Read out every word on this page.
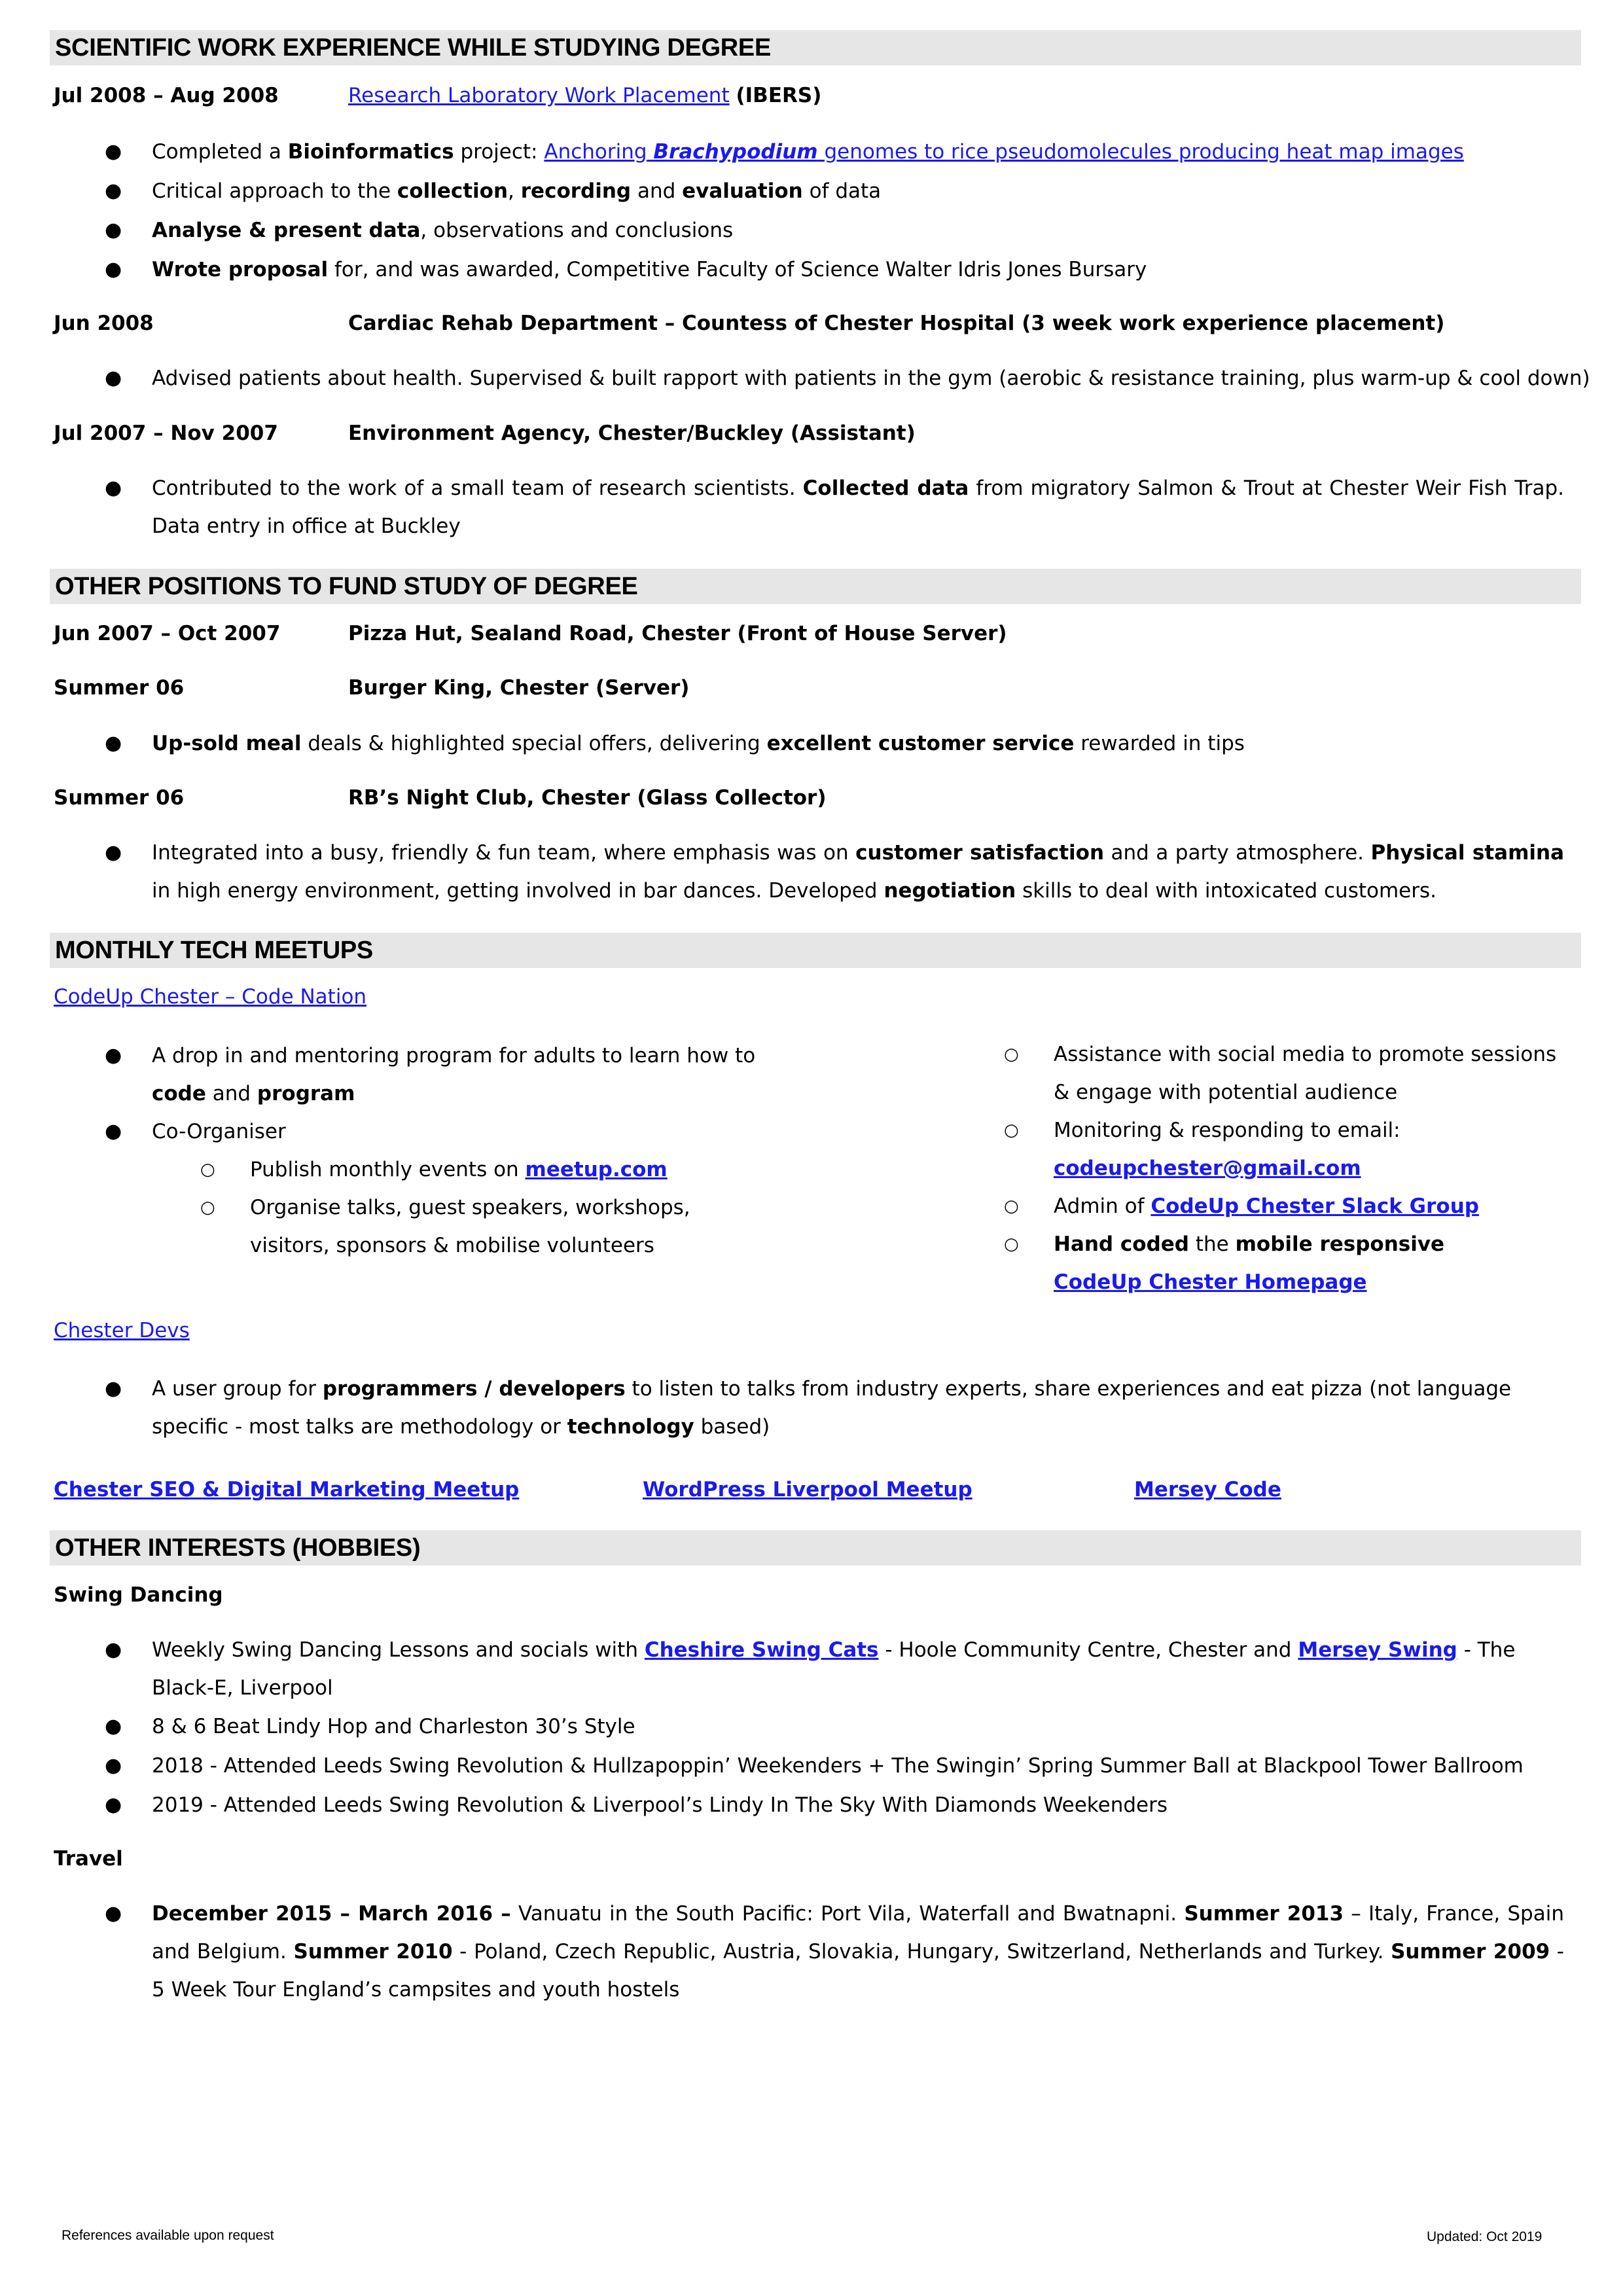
SCIENTIFIC WORK EXPERIENCE WHILE STUDYING DEGREE
Jul 2008 – Aug 2008	Research Laboratory Work Placement (IBERS)
● Completed a Bioinformatics project: Anchoring Brachypodium genomes to rice pseudomolecules producing heat map images
● Critical approach to the collection, recording and evaluation of data
● Analyse & present data, observations and conclusions
● Wrote proposal for, and was awarded, Competitive Faculty of Science Walter Idris Jones Bursary
Jun 2008	Cardiac Rehab Department – Countess of Chester Hospital (3 week work experience placement)
● Advised patients about health. Supervised & built rapport with patients in the gym (aerobic & resistance training, plus warm-up & cool down)
Jul 2007 – Nov 2007	Environment Agency, Chester/Buckley (Assistant)
● Contributed to the work of a small team of research scientists. Collected data from migratory Salmon & Trout at Chester Weir Fish Trap. Data entry in office at Buckley
OTHER POSITIONS TO FUND STUDY OF DEGREE
Jun 2007 – Oct 2007	Pizza Hut, Sealand Road, Chester (Front of House Server)
Summer 06	Burger King, Chester (Server)
● Up-sold meal deals & highlighted special offers, delivering excellent customer service rewarded in tips
Summer 06	RB’s Night Club, Chester (Glass Collector)
● Integrated into a busy, friendly & fun team, where emphasis was on customer satisfaction and a party atmosphere. Physical stamina in high energy environment, getting involved in bar dances. Developed negotiation skills to deal with intoxicated customers.
MONTHLY TECH MEETUPS
CodeUp Chester – Code Nation
● A drop in and mentoring program for adults to learn how to code and program
● Co-Organiser
○ Publish monthly events on meetup.com
○ Organise talks, guest speakers, workshops, visitors, sponsors & mobilise volunteers
○ Assistance with social media to promote sessions & engage with potential audience
○ Monitoring & responding to email:
codeupchester@gmail.com
○ Admin of CodeUp Chester Slack Group
○ Hand coded the mobile responsive CodeUp Chester Homepage
Chester Devs
● A user group for programmers / developers to listen to talks from industry experts, share experiences and eat pizza (not language specific - most talks are methodology or technology based)
Chester SEO & Digital Marketing Meetup	WordPress Liverpool Meetup	Mersey Code
OTHER INTERESTS (HOBBIES)
Swing Dancing
● Weekly Swing Dancing Lessons and socials with Cheshire Swing Cats - Hoole Community Centre, Chester and Mersey Swing - The Black-E, Liverpool
● 8 & 6 Beat Lindy Hop and Charleston 30’s Style
● 2018 - Attended Leeds Swing Revolution & Hullzapoppin’ Weekenders + The Swingin’ Spring Summer Ball at Blackpool Tower Ballroom
● 2019 - Attended Leeds Swing Revolution & Liverpool’s Lindy In The Sky With Diamonds Weekenders
Travel
● December 2015 – March 2016 – Vanuatu in the South Pacific: Port Vila, Waterfall and Bwatnapni. Summer 2013 – Italy, France, Spain and Belgium. Summer 2010 - Poland, Czech Republic, Austria, Slovakia, Hungary, Switzerland, Netherlands and Turkey. Summer 2009 - 5 Week Tour England’s campsites and youth hostels
References available upon request	Updated: Oct 2019
